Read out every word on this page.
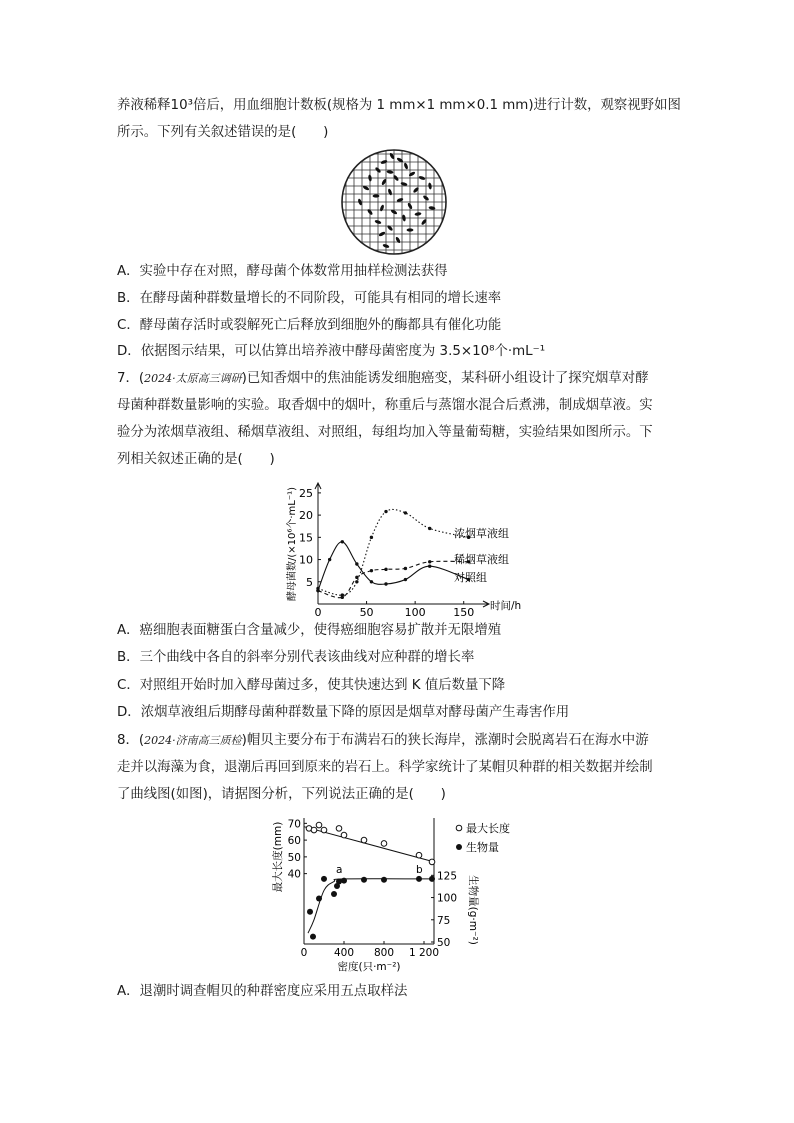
养液稀释10³倍后，用血细胞计数板(规格为 1 mm×1 mm×0.1 mm)进行计数，观察视野如图
所示。下列有关叙述错误的是(　　)
A．实验中存在对照，酵母菌个体数常用抽样检测法获得
B．在酵母菌种群数量增长的不同阶段，可能具有相同的增长速率
C．酵母菌存活时或裂解死亡后释放到细胞外的酶都具有催化功能
D．依据图示结果，可以估算出培养液中酵母菌密度为 3.5×10⁸个·mL⁻¹
7．(2024·太原高三调研)已知香烟中的焦油能诱发细胞癌变，某科研小组设计了探究烟草对酵
母菌种群数量影响的实验。取香烟中的烟叶，称重后与蒸馏水混合后煮沸，制成烟草液。实
验分为浓烟草液组、稀烟草液组、对照组，每组均加入等量葡萄糖，实验结果如图所示。下
列相关叙述正确的是(　　)
5
10
15
20
25
0	50	100	150 时间/h
酵母菌数/(×10⁶个·mL⁻¹)	浓烟草液组
稀烟草液组
对照组
A．癌细胞表面糖蛋白含量减少，使得癌细胞容易扩散并无限增殖
B．三个曲线中各自的斜率分别代表该曲线对应种群的增长率
C．对照组开始时加入酵母菌过多，使其快速达到 K 值后数量下降
D．浓烟草液组后期酵母菌种群数量下降的原因是烟草对酵母菌产生毒害作用
8．(2024·济南高三质检)帽贝主要分布于布满岩石的狭长海岸，涨潮时会脱离岩石在海水中游
走并以海藻为食，退潮后再回到原来的岩石上。科学家统计了某帽贝种群的相关数据并绘制
了曲线图(如图)，请据图分析，下列说法正确的是(　　)
0	400 800 1 200
40
50
60
70
50
75
100
125
密度(只·m⁻²)
最大长度(mm)
生物量(g·m⁻²)
最大长度
生物量
a	b
A．退潮时调查帽贝的种群密度应采用五点取样法
